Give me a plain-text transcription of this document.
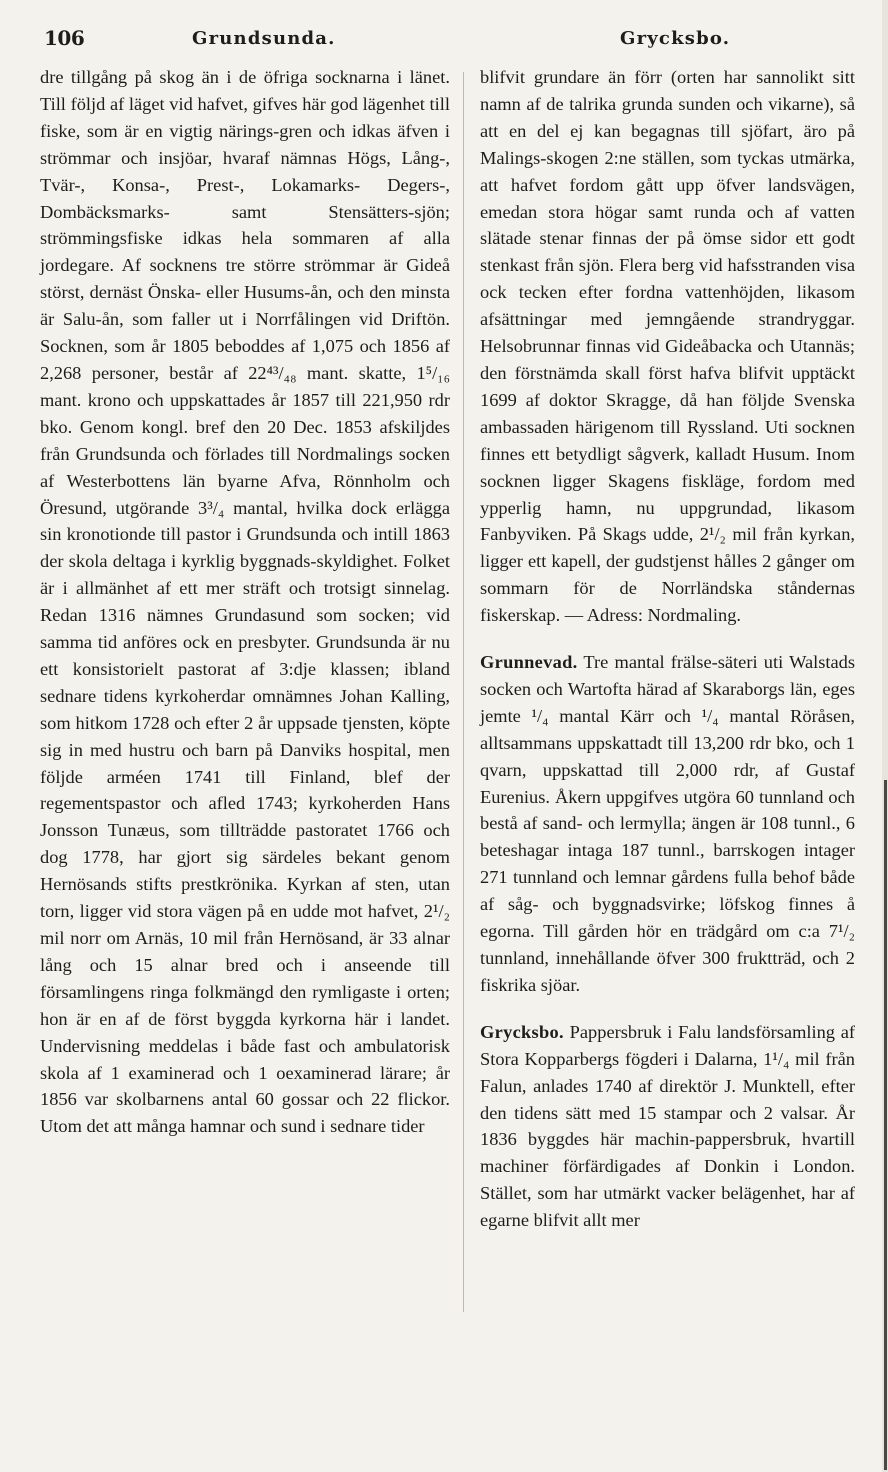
106	Grundsunda.	Grycksbo.

dre tillgång på skog än i de öfriga socknarna i länet. Till följd af läget vid hafvet, gifves här god lägenhet till fiske, som är en vigtig närings-gren och idkas äfven i strömmar och insjöar, hvaraf nämnas Högs, Lång-, Tvär-, Konsa-, Prest-, Lokamarks- Degers-, Dombäcksmarks- samt Stensätters-sjön; strömmingsfiske idkas hela sommaren af alla jordegare. Af socknens tre större strömmar är Gideå störst, dernäst Önska- eller Husums-ån, och den minsta är Salu-ån, som faller ut i Norrfålingen vid Driftön. Socknen, som år 1805 beboddes af 1,075 och 1856 af 2,268 personer, består af 22⁴³/₄₈ mant. skatte, 1⁵/₁₆ mant. krono och uppskattades år 1857 till 221,950 rdr bko. Genom kongl. bref den 20 Dec. 1853 afskiljdes från Grundsunda och förlades till Nordmalings socken af Westerbottens län byarne Afva, Rönnholm och Öresund, utgörande 3³/₄ mantal, hvilka dock erlägga sin kronotionde till pastor i Grundsunda och intill 1863 der skola deltaga i kyrklig byggnads-skyldighet. Folket är i allmänhet af ett mer sträft och trotsigt sinnelag. Redan 1316 nämnes Grundasund som socken; vid samma tid anföres ock en presbyter. Grundsunda är nu ett konsistorielt pastorat af 3:dje klassen; ibland sednare tidens kyrkoherdar omnämnes Johan Kalling, som hitkom 1728 och efter 2 år uppsade tjensten, köpte sig in med hustru och barn på Danviks hospital, men följde arméen 1741 till Finland, blef der regementspastor och afled 1743; kyrkoherden Hans Jonsson Tunæus, som tillträdde pastoratet 1766 och dog 1778, har gjort sig särdeles bekant genom Hernösands stifts prestkrönika. Kyrkan af sten, utan torn, ligger vid stora vägen på en udde mot hafvet, 2¹/₂ mil norr om Arnäs, 10 mil från Hernösand, är 33 alnar lång och 15 alnar bred och i anseende till församlingens ringa folkmängd den rymligaste i orten; hon är en af de först byggda kyrkorna här i landet. Undervisning meddelas i både fast och ambulatorisk skola af 1 examinerad och 1 oexaminerad lärare; år 1856 var skolbarnens antal 60 gossar och 22 flickor. Utom det att många hamnar och sund i sednare tider

blifvit grundare än förr (orten har sannolikt sitt namn af de talrika grunda sunden och vikarne), så att en del ej kan begagnas till sjöfart, äro på Malings-skogen 2:ne ställen, som tyckas utmärka, att hafvet fordom gått upp öfver landsvägen, emedan stora högar samt runda och af vatten slätade stenar finnas der på ömse sidor ett godt stenkast från sjön. Flera berg vid hafsstranden visa ock tecken efter fordna vattenhöjden, likasom afsättningar med jemngående strandryggar. Helsobrunnar finnas vid Gideåbacka och Utannäs; den förstnämda skall först hafva blifvit upptäckt 1699 af doktor Skragge, då han följde Svenska ambassaden härigenom till Ryssland. Uti socknen finnes ett betydligt sågverk, kalladt Husum. Inom socknen ligger Skagens fiskläge, fordom med ypperlig hamn, nu uppgrundad, likasom Fanbyviken. På Skags udde, 2¹/₂ mil från kyrkan, ligger ett kapell, der gudstjenst hålles 2 gånger om sommarn för de Norrländska ståndernas fiskerskap. — Adress: Nordmaling.

Grunnevad. Tre mantal frälse-säteri uti Walstads socken och Wartofta härad af Skaraborgs län, eges jemte ¹/₄ mantal Kärr och ¹/₄ mantal Röråsen, alltsammans uppskattadt till 13,200 rdr bko, och 1 qvarn, uppskattad till 2,000 rdr, af Gustaf Eurenius. Åkern uppgifves utgöra 60 tunnland och bestå af sand- och lermylla; ängen är 108 tunnl., 6 beteshagar intaga 187 tunnl., barrskogen intager 271 tunnland och lemnar gårdens fulla behof både af såg- och byggnadsvirke; löfskog finnes å egorna. Till gården hör en trädgård om c:a 7¹/₂ tunnland, innehållande öfver 300 fruktträd, och 2 fiskrika sjöar.

Grycksbo. Pappersbruk i Falu landsförsamling af Stora Kopparbergs fögderi i Dalarna, 1¹/₄ mil från Falun, anlades 1740 af direktör J. Munktell, efter den tidens sätt med 15 stampar och 2 valsar. År 1836 byggdes här machin-pappersbruk, hvartill machiner förfärdigades af Donkin i London. Stället, som har utmärkt vacker belägenhet, har af egarne blifvit allt mer
